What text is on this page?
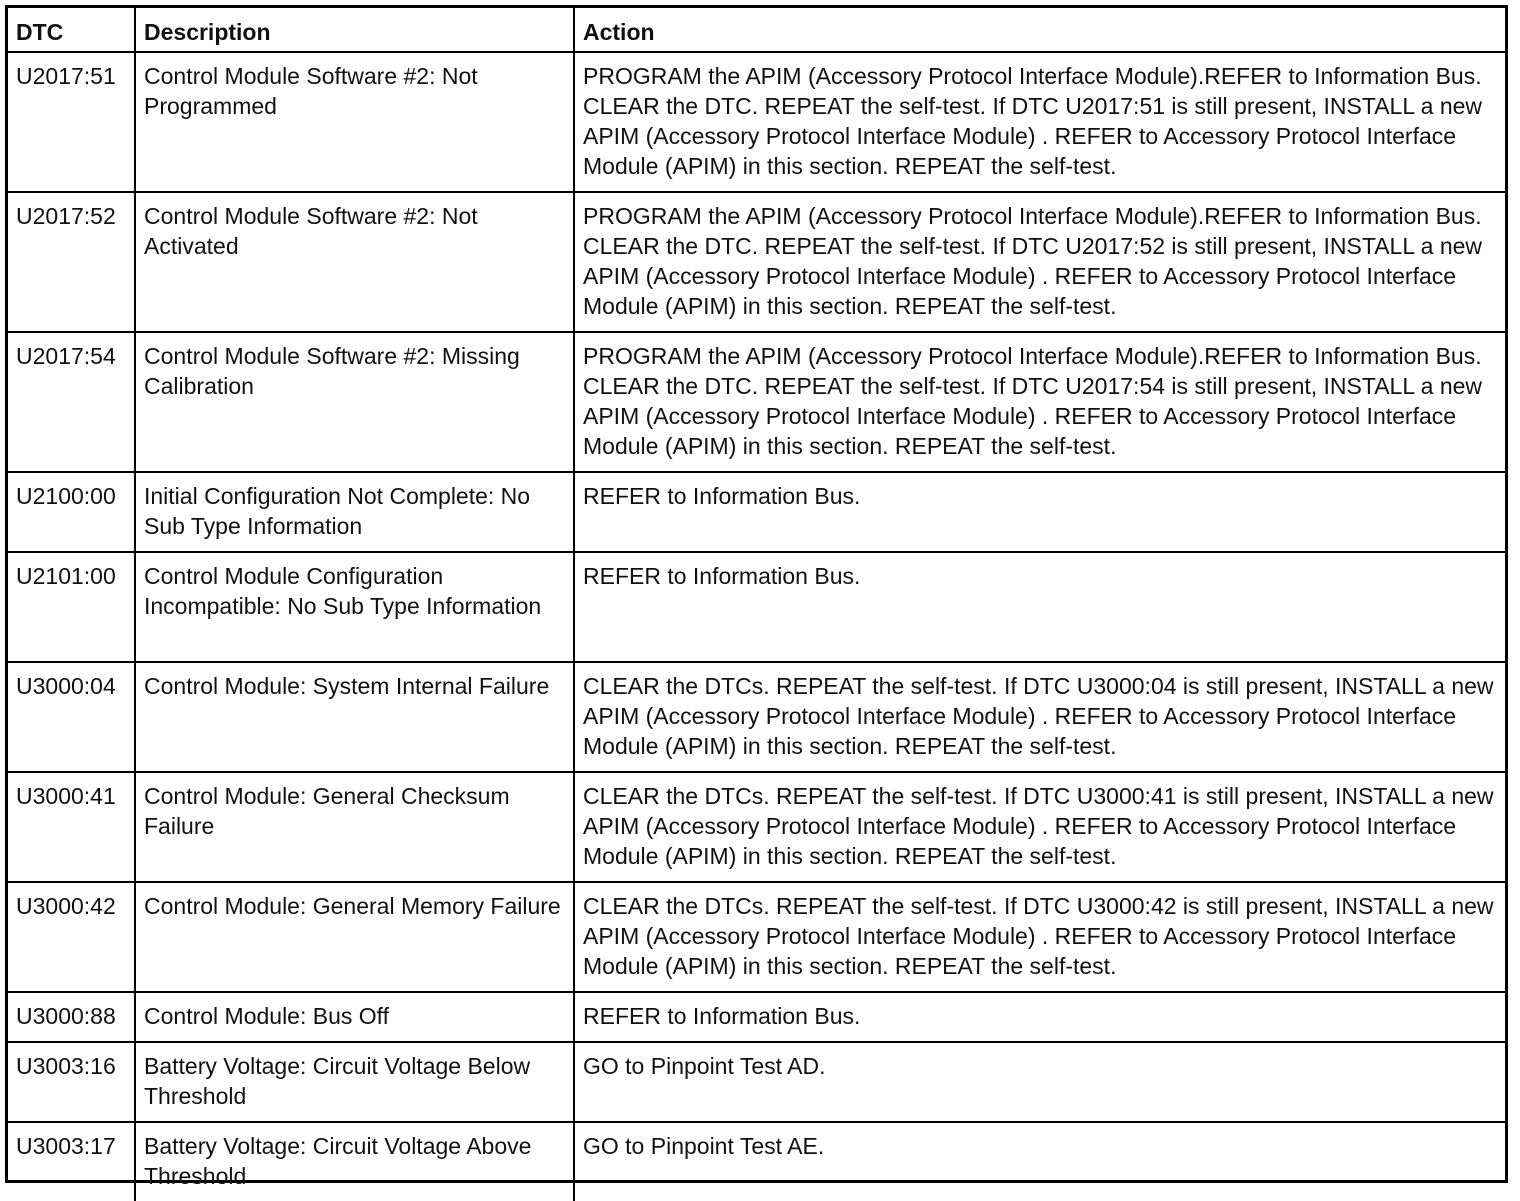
DTC	Description	Action
U2017:51	Control Module Software #2: Not Programmed	PROGRAM the APIM (Accessory Protocol Interface Module).REFER to Information Bus. CLEAR the DTC. REPEAT the self-test. If DTC U2017:51 is still present, INSTALL a new APIM (Accessory Protocol Interface Module) . REFER to Accessory Protocol Interface Module (APIM) in this section. REPEAT the self-test.
U2017:52	Control Module Software #2: Not Activated	PROGRAM the APIM (Accessory Protocol Interface Module).REFER to Information Bus. CLEAR the DTC. REPEAT the self-test. If DTC U2017:52 is still present, INSTALL a new APIM (Accessory Protocol Interface Module) . REFER to Accessory Protocol Interface Module (APIM) in this section. REPEAT the self-test.
U2017:54	Control Module Software #2: Missing Calibration	PROGRAM the APIM (Accessory Protocol Interface Module).REFER to Information Bus. CLEAR the DTC. REPEAT the self-test. If DTC U2017:54 is still present, INSTALL a new APIM (Accessory Protocol Interface Module) . REFER to Accessory Protocol Interface Module (APIM) in this section. REPEAT the self-test.
U2100:00	Initial Configuration Not Complete: No Sub Type Information	REFER to Information Bus.
U2101:00	Control Module Configuration Incompatible: No Sub Type Information	REFER to Information Bus.
U3000:04	Control Module: System Internal Failure	CLEAR the DTCs. REPEAT the self-test. If DTC U3000:04 is still present, INSTALL a new APIM (Accessory Protocol Interface Module) . REFER to Accessory Protocol Interface Module (APIM) in this section. REPEAT the self-test.
U3000:41	Control Module: General Checksum Failure	CLEAR the DTCs. REPEAT the self-test. If DTC U3000:41 is still present, INSTALL a new APIM (Accessory Protocol Interface Module) . REFER to Accessory Protocol Interface Module (APIM) in this section. REPEAT the self-test.
U3000:42	Control Module: General Memory Failure	CLEAR the DTCs. REPEAT the self-test. If DTC U3000:42 is still present, INSTALL a new APIM (Accessory Protocol Interface Module) . REFER to Accessory Protocol Interface Module (APIM) in this section. REPEAT the self-test.
U3000:88	Control Module: Bus Off	REFER to Information Bus.
U3003:16	Battery Voltage: Circuit Voltage Below Threshold	GO to Pinpoint Test AD.
U3003:17	Battery Voltage: Circuit Voltage Above Threshold	GO to Pinpoint Test AE.
